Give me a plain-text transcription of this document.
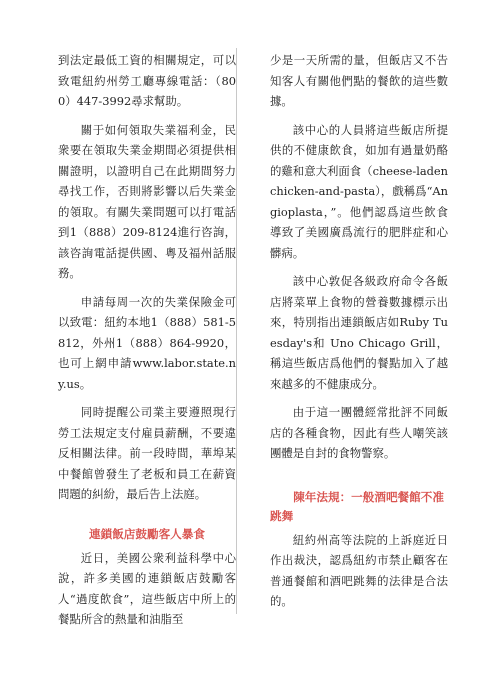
到法定最低工資的相關規定，可以致電紐約州勞工廳專線電話：（800）447-3992尋求幫助。

關于如何領取失業福利金，民衆要在領取失業金期間必須提供相關證明，以證明自己在此期間努力尋找工作，否則將影響以后失業金的領取。有關失業問題可以打電話到1（888）209-8124進行咨詢，該咨詢電話提供國、粵及福州話服務。

申請每周一次的失業保險金可以致電：紐約本地1（888）581-5812，外州1（888）864-9920，也可上網申請www.labor.state.ny.us。

同時提醒公司業主要遵照現行勞工法規定支付雇員薪酬，不要違反相關法律。前一段時間，華埠某中餐館曾發生了老板和員工在薪資問題的糾紛，最后告上法庭。

連鎖飯店鼓勵客人暴食

近日，美國公衆利益科學中心說，許多美國的連鎖飯店鼓勵客人“過度飲食”，這些飯店中所上的餐點所含的熱量和油脂至

少是一天所需的量，但飯店又不告知客人有關他們點的餐飲的這些數據。

該中心的人員將這些飯店所提供的不健康飲食，如加有過量奶酪的雞和意大利面食（cheese-laden chicken-and-pasta），戲稱爲“Angioplasta，”。他們認爲這些飲食導致了美國廣爲流行的肥胖症和心髒病。

該中心敦促各級政府命令各飯店將菜單上食物的營養數據標示出來，特別指出連鎖飯店如Ruby Tuesday's和 Uno Chicago Grill，稱這些飯店爲他們的餐點加入了越來越多的不健康成分。

由于這一團體經常批評不同飯店的各種食物，因此有些人嘲笑該團體是自封的食物警察。

陳年法規：一般酒吧餐館不准跳舞

紐約州高等法院的上訴庭近日作出裁決，認爲紐約市禁止顧客在普通餐館和酒吧跳舞的法律是合法的。
